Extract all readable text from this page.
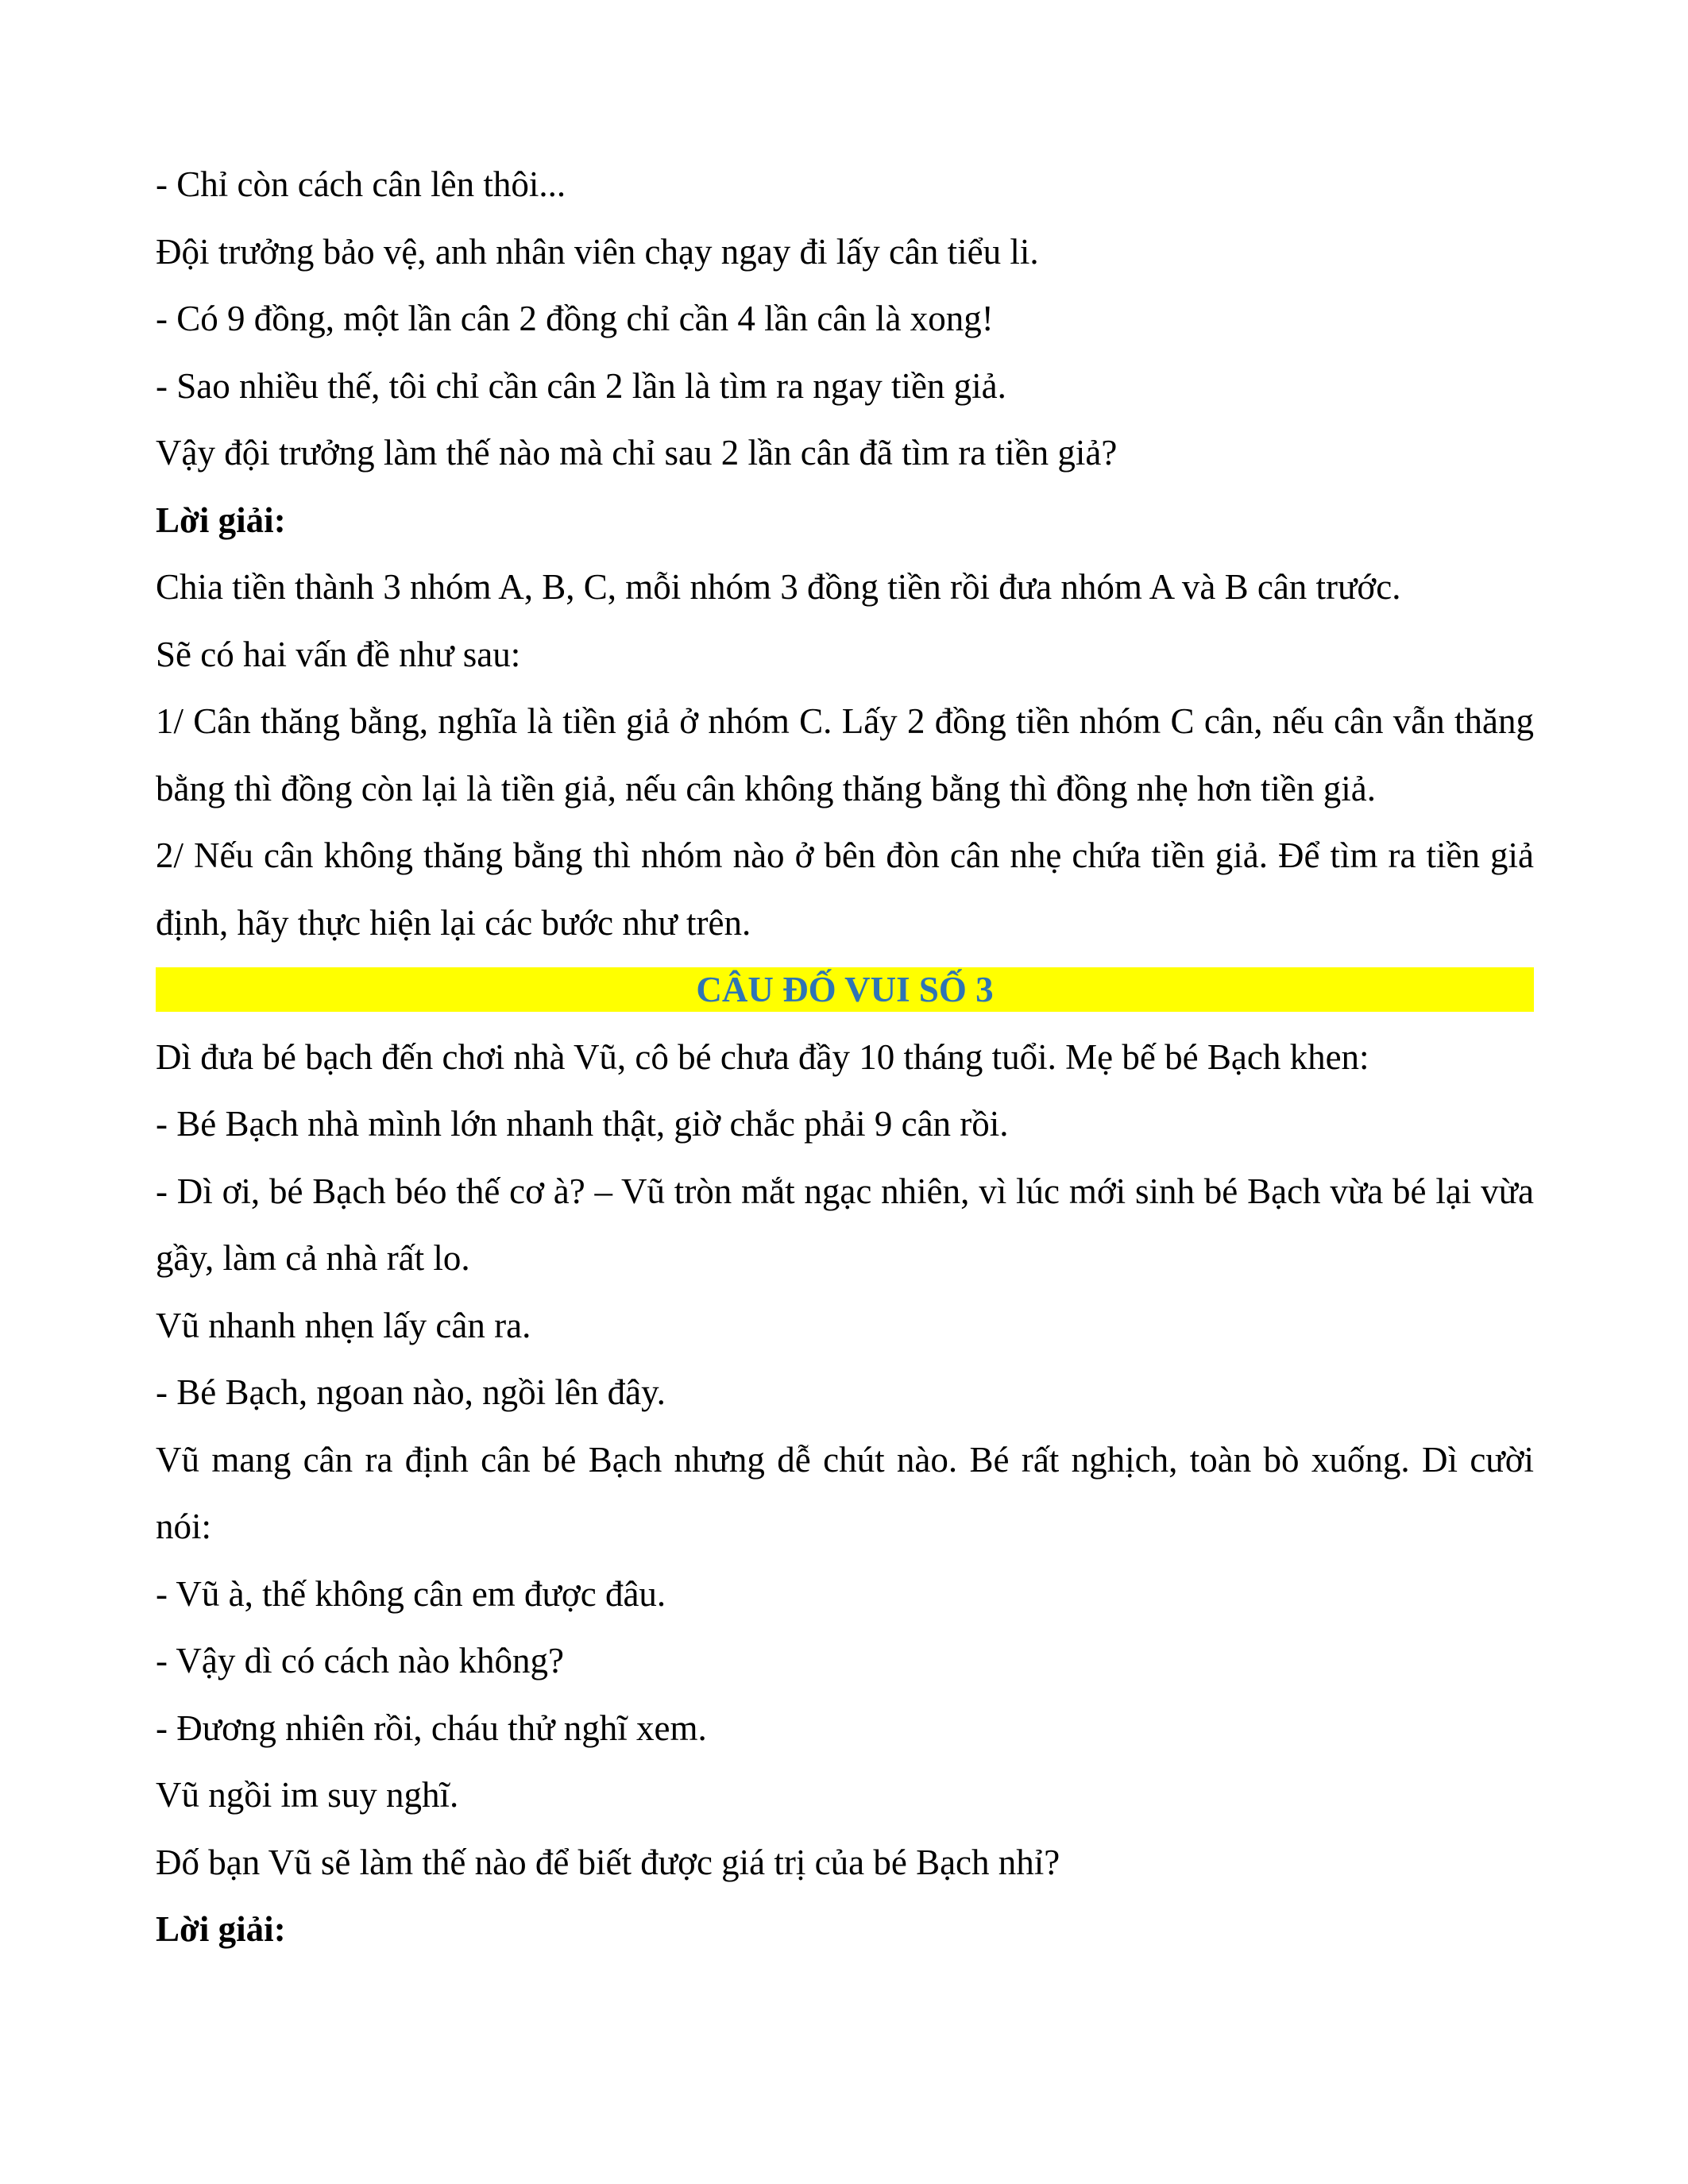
- Chỉ còn cách cân lên thôi...
Đội trưởng bảo vệ, anh nhân viên chạy ngay đi lấy cân tiểu li.
- Có 9 đồng, một lần cân 2 đồng chỉ cần 4 lần cân là xong!
- Sao nhiều thế, tôi chỉ cần cân 2 lần là tìm ra ngay tiền giả.
Vậy đội trưởng làm thế nào mà chỉ sau 2 lần cân đã tìm ra tiền giả?
Lời giải:
Chia tiền thành 3 nhóm A, B, C, mỗi nhóm 3 đồng tiền rồi đưa nhóm A và B cân trước.
Sẽ có hai vấn đề như sau:
1/ Cân thăng bằng, nghĩa là tiền giả ở nhóm C. Lấy 2 đồng tiền nhóm C cân, nếu cân vẫn thăng bằng thì đồng còn lại là tiền giả, nếu cân không thăng bằng thì đồng nhẹ hơn tiền giả.
2/ Nếu cân không thăng bằng thì nhóm nào ở bên đòn cân nhẹ chứa tiền giả. Để tìm ra tiền giả định, hãy thực hiện lại các bước như trên.
CÂU ĐỐ VUI SỐ 3
Dì đưa bé bạch đến chơi nhà Vũ, cô bé chưa đầy 10 tháng tuổi. Mẹ bế bé Bạch khen:
- Bé Bạch nhà mình lớn nhanh thật, giờ chắc phải 9 cân rồi.
- Dì ơi, bé Bạch béo thế cơ à? – Vũ tròn mắt ngạc nhiên, vì lúc mới sinh bé Bạch vừa bé lại vừa gầy, làm cả nhà rất lo.
Vũ nhanh nhẹn lấy cân ra.
- Bé Bạch, ngoan nào, ngồi lên đây.
Vũ mang cân ra định cân bé Bạch nhưng dễ chút nào. Bé rất nghịch, toàn bò xuống. Dì cười nói:
- Vũ à, thế không cân em được đâu.
- Vậy dì có cách nào không?
- Đương nhiên rồi, cháu thử nghĩ xem.
Vũ ngồi im suy nghĩ.
Đố bạn Vũ sẽ làm thế nào để biết được giá trị của bé Bạch nhỉ?
Lời giải:
